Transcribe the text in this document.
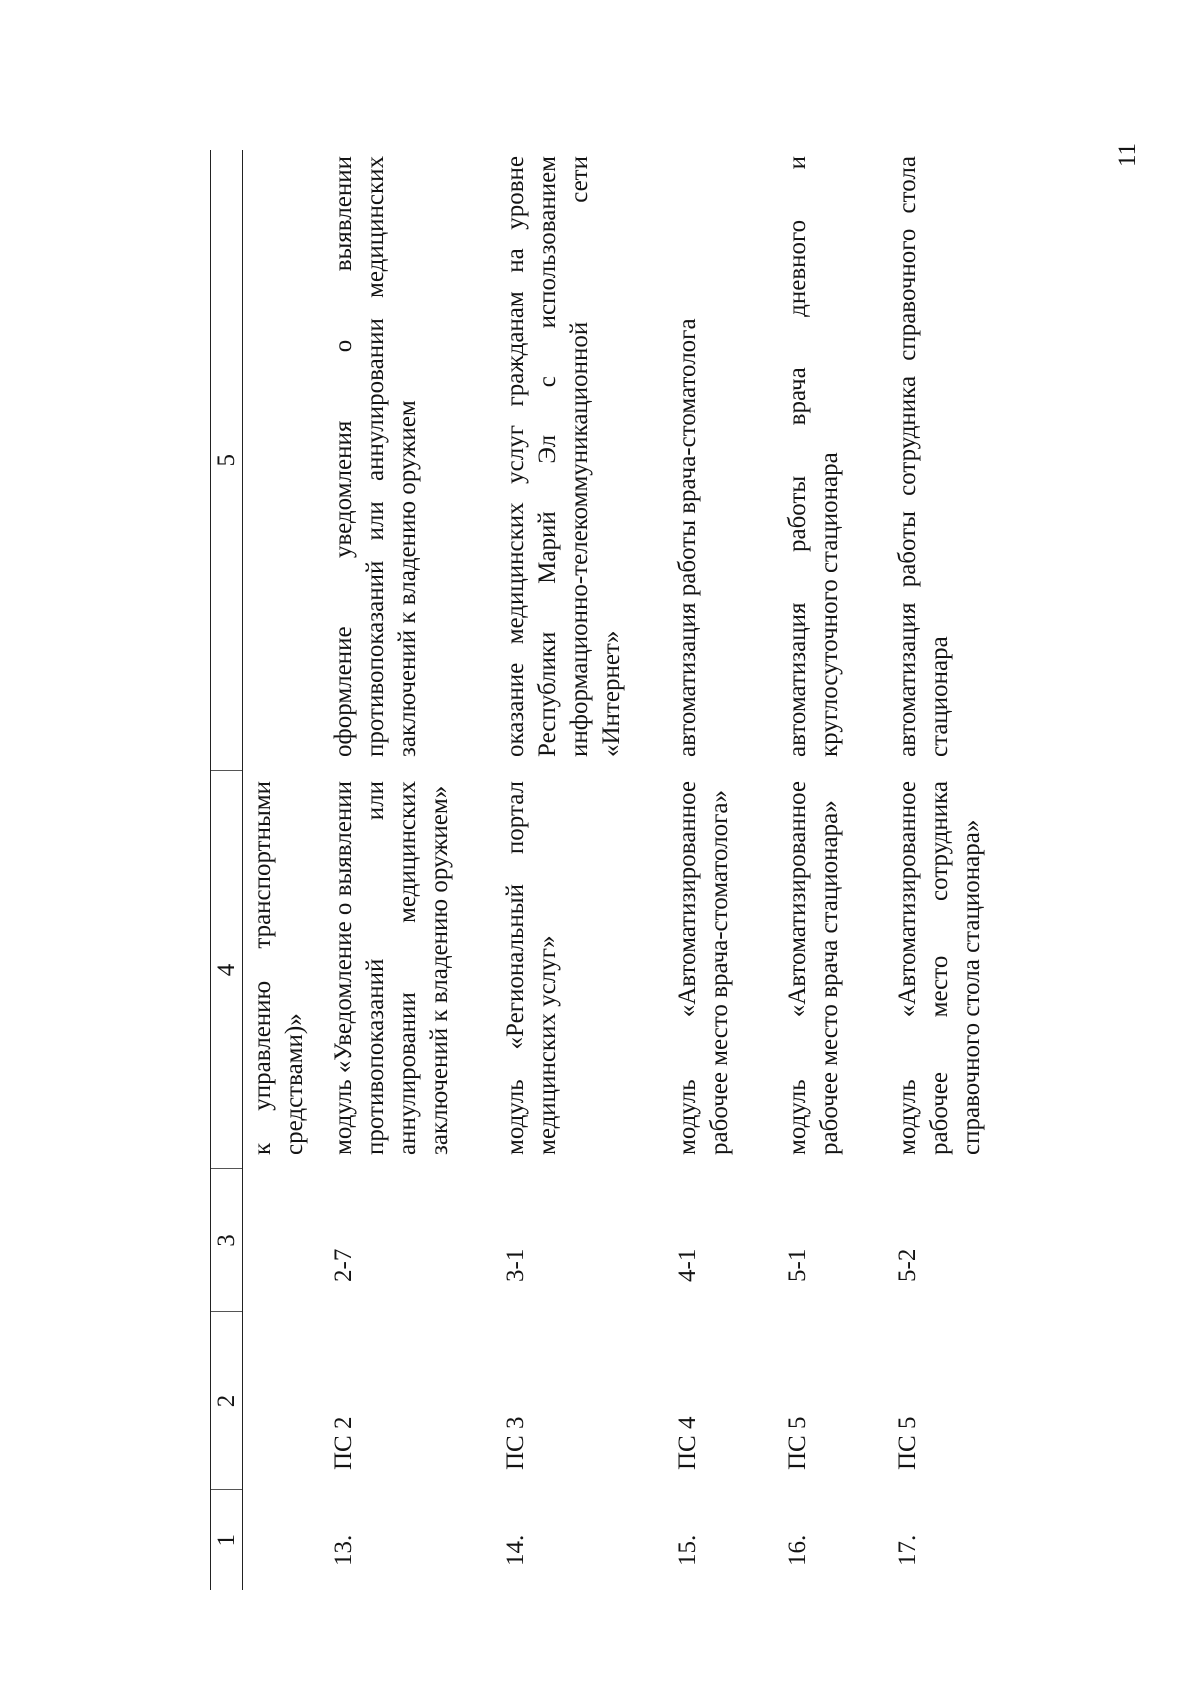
11
1	2	3	4	5
			к управлению транспортными средствами)»	
13.	ПС 2	2-7	модуль «Уведомление о выявлении противопоказаний или аннулировании медицинских заключений к владению оружием»	оформление уведомления о выявлении противопоказаний или аннулировании медицинских заключений к владению оружием
14.	ПС 3	3-1	модуль «Региональный портал медицинских услуг»	оказание медицинских услуг гражданам на уровне Республики Марий Эл с использованием информационно-телекоммуникационной сети «Интернет»
15.	ПС 4	4-1	модуль «Автоматизированное рабочее место врача-стоматолога»	автоматизация работы врача-стоматолога
16.	ПС 5	5-1	модуль «Автоматизированное рабочее место врача стационара»	автоматизация работы врача дневного и круглосуточного стационара
17.	ПС 5	5-2	модуль «Автоматизированное рабочее место сотрудника справочного стола стационара»	автоматизация работы сотрудника справочного стола стационара
